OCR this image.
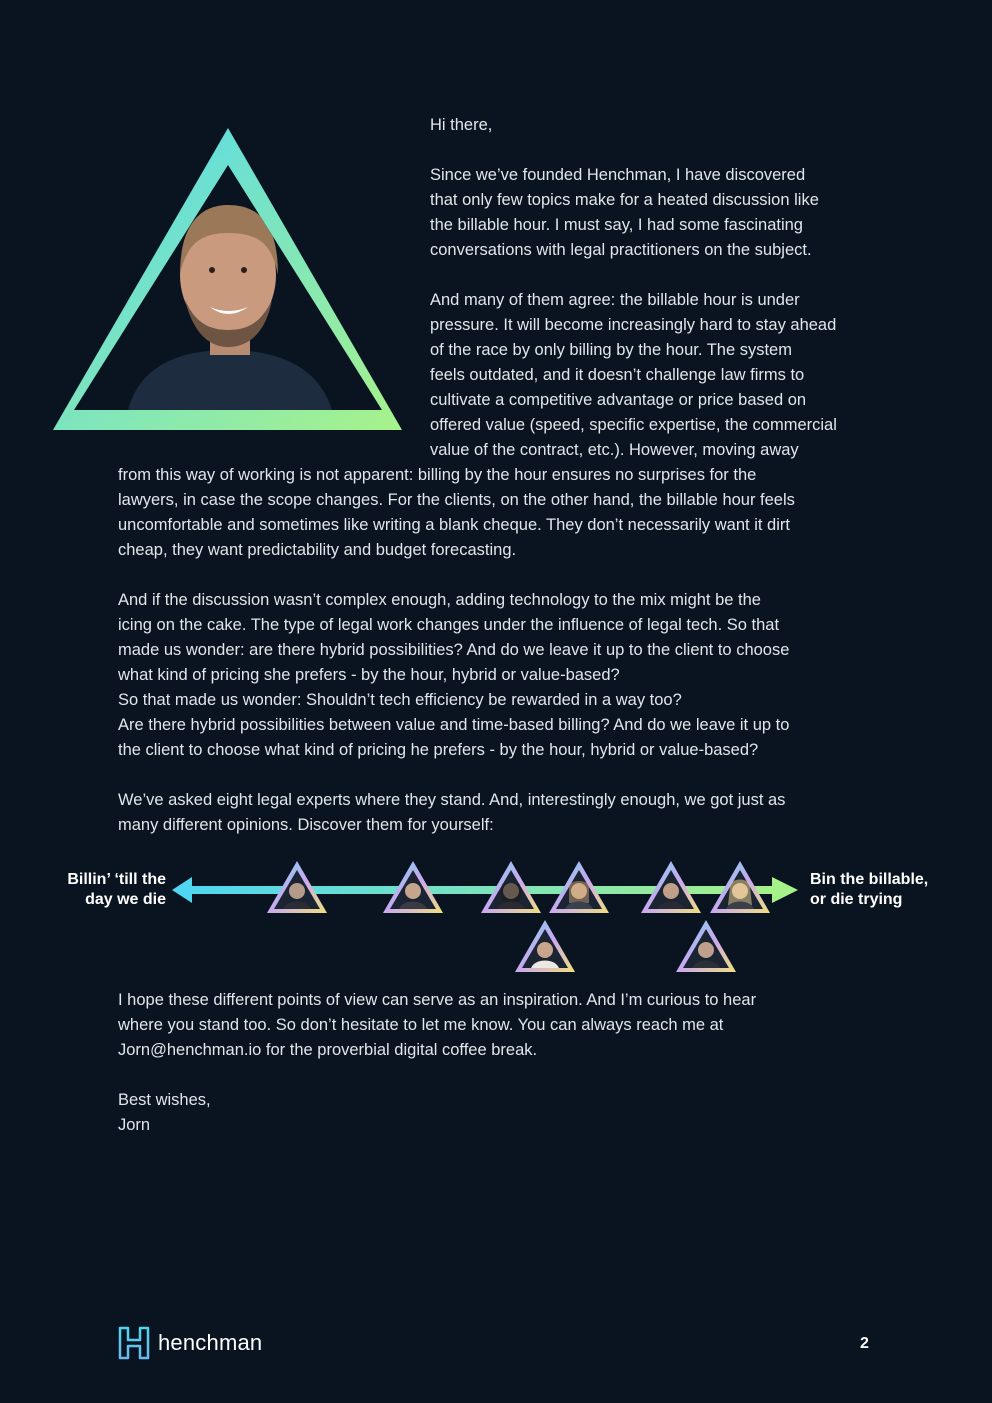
Hi there,

Since we’ve founded Henchman, I have discovered
that only few topics make for a heated discussion like
the billable hour. I must say, I had some fascinating
conversations with legal practitioners on the subject.

And many of them agree: the billable hour is under
pressure. It will become increasingly hard to stay ahead
of the race by only billing by the hour. The system
feels outdated, and it doesn’t challenge law firms to
cultivate a competitive advantage or price based on
offered value (speed, specific expertise, the commercial
value of the contract, etc.). However, moving away

from this way of working is not apparent: billing by the hour ensures no surprises for the
lawyers, in case the scope changes. For the clients, on the other hand, the billable hour feels
uncomfortable and sometimes like writing a blank cheque. They don’t necessarily want it dirt
cheap, they want predictability and budget forecasting.

And if the discussion wasn’t complex enough, adding technology to the mix might be the
icing on the cake. The type of legal work changes under the influence of legal tech. So that
made us wonder: are there hybrid possibilities? And do we leave it up to the client to choose
what kind of pricing she prefers - by the hour, hybrid or value-based?
So that made us wonder: Shouldn’t tech efficiency be rewarded in a way too?
Are there hybrid possibilities between value and time-based billing? And do we leave it up to
the client to choose what kind of pricing he prefers - by the hour, hybrid or value-based?

We’ve asked eight legal experts where they stand. And, interestingly enough, we got just as
many different opinions. Discover them for yourself:

Billin’ ‘till the
day we die
Bin the billable,
or die trying

I hope these different points of view can serve as an inspiration. And I’m curious to hear
where you stand too. So don’t hesitate to let me know. You can always reach me at
Jorn@henchman.io for the proverbial digital coffee break.

Best wishes,
Jorn

henchman	2
